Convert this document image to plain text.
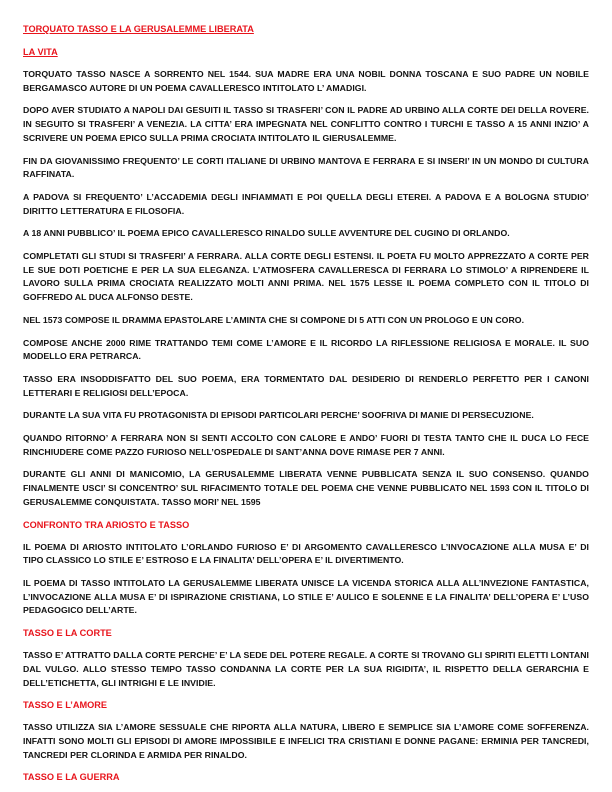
TORQUATO TASSO E LA GERUSALEMME LIBERATA
LA VITA

TORQUATO TASSO NASCE A SORRENTO NEL 1544. SUA MADRE ERA UNA NOBIL DONNA TOSCANA E SUO PADRE UN NOBILE BERGAMASCO AUTORE DI UN POEMA CAVALLERESCO INTITOLATO L’ AMADIGI.

DOPO AVER STUDIATO A NAPOLI DAI GESUITI IL TASSO SI TRASFERI’ CON IL PADRE AD URBINO ALLA CORTE DEI DELLA ROVERE. IN SEGUITO SI TRASFERI’ A VENEZIA. LA CITTA’ ERA IMPEGNATA NEL CONFLITTO CONTRO I TURCHI E TASSO A 15 ANNI INZIO’ A SCRIVERE UN POEMA EPICO SULLA PRIMA CROCIATA INTITOLATO IL GIERUSALEMME.

FIN DA GIOVANISSIMO FREQUENTO’ LE CORTI ITALIANE DI URBINO MANTOVA E FERRARA E SI INSERI’ IN UN MONDO DI CULTURA RAFFINATA.

A PADOVA SI FREQUENTO’ L’ACCADEMIA DEGLI INFIAMMATI E POI QUELLA DEGLI ETEREI. A PADOVA E A BOLOGNA STUDIO’ DIRITTO LETTERATURA E FILOSOFIA.

A 18 ANNI PUBBLICO’ IL POEMA EPICO CAVALLERESCO RINALDO SULLE AVVENTURE DEL CUGINO DI ORLANDO.

COMPLETATI GLI STUDI SI TRASFERI’ A FERRARA. ALLA CORTE DEGLI ESTENSI. IL POETA FU MOLTO APPREZZATO A CORTE PER LE SUE DOTI POETICHE E PER LA SUA ELEGANZA. L’ATMOSFERA CAVALLERESCA DI FERRARA LO STIMOLO’ A RIPRENDERE IL LAVORO SULLA PRIMA CROCIATA REALIZZATO MOLTI ANNI PRIMA. NEL 1575 LESSE IL POEMA COMPLETO CON IL TITOLO DI GOFFREDO AL DUCA ALFONSO DESTE.

NEL 1573 COMPOSE IL DRAMMA EPASTOLARE L’AMINTA CHE SI COMPONE DI 5 ATTI CON UN PROLOGO E UN CORO.

COMPOSE ANCHE 2000 RIME TRATTANDO TEMI COME L’AMORE E IL RICORDO LA RIFLESSIONE RELIGIOSA E MORALE. IL SUO MODELLO ERA PETRARCA.

TASSO ERA INSODDISFATTO DEL SUO POEMA, ERA TORMENTATO DAL DESIDERIO DI RENDERLO PERFETTO PER I CANONI LETTERARI E RELIGIOSI DELL’EPOCA.

DURANTE LA SUA VITA FU PROTAGONISTA DI EPISODI PARTICOLARI PERCHE’ SOOFRIVA DI MANIE DI PERSECUZIONE.

QUANDO RITORNO’ A FERRARA NON SI SENTI ACCOLTO CON CALORE E ANDO’ FUORI DI TESTA TANTO CHE IL DUCA LO FECE RINCHIUDERE COME PAZZO FURIOSO NELL’OSPEDALE DI SANT’ANNA DOVE RIMASE PER 7 ANNI.

DURANTE GLI ANNI DI MANICOMIO, LA GERUSALEMME LIBERATA VENNE PUBBLICATA SENZA IL SUO CONSENSO. QUANDO FINALMENTE USCI’ SI CONCENTRO’ SUL RIFACIMENTO TOTALE DEL POEMA CHE VENNE PUBBLICATO NEL 1593 CON IL TITOLO DI GERUSALEMME CONQUISTATA. TASSO MORI’ NEL 1595

CONFRONTO TRA ARIOSTO E TASSO

IL POEMA DI ARIOSTO INTITOLATO L’ORLANDO FURIOSO E’ DI ARGOMENTO CAVALLERESCO L’INVOCAZIONE ALLA MUSA E’ DI TIPO CLASSICO LO STILE E’ ESTROSO E LA FINALITA’ DELL’OPERA E’ IL DIVERTIMENTO.

IL POEMA DI TASSO INTITOLATO LA GERUSALEMME LIBERATA UNISCE LA VICENDA STORICA ALLA ALL’INVEZIONE FANTASTICA, L’INVOCAZIONE ALLA MUSA E’ DI ISPIRAZIONE CRISTIANA, LO STILE E’ AULICO E SOLENNE E LA FINALITA’ DELL’OPERA E’ L’USO PEDAGOGICO DELL’ARTE.

TASSO E LA CORTE

TASSO E’ ATTRATTO DALLA CORTE PERCHE’ E’ LA SEDE DEL POTERE REGALE. A CORTE SI TROVANO GLI SPIRITI ELETTI LONTANI DAL VULGO. ALLO STESSO TEMPO TASSO CONDANNA LA CORTE PER LA SUA RIGIDITA’, IL RISPETTO DELLA GERARCHIA E DELL’ETICHETTA, GLI INTRIGHI E LE INVIDIE.

TASSO E L’AMORE

TASSO UTILIZZA SIA L’AMORE SESSUALE CHE RIPORTA ALLA NATURA, LIBERO E SEMPLICE SIA L’AMORE COME SOFFERENZA. INFATTI SONO MOLTI GLI EPISODI DI AMORE IMPOSSIBILE E INFELICI TRA CRISTIANI E DONNE PAGANE: ERMINIA PER TANCREDI, TANCREDI PER CLORINDA E ARMIDA PER RINALDO.

TASSO E LA GUERRA
